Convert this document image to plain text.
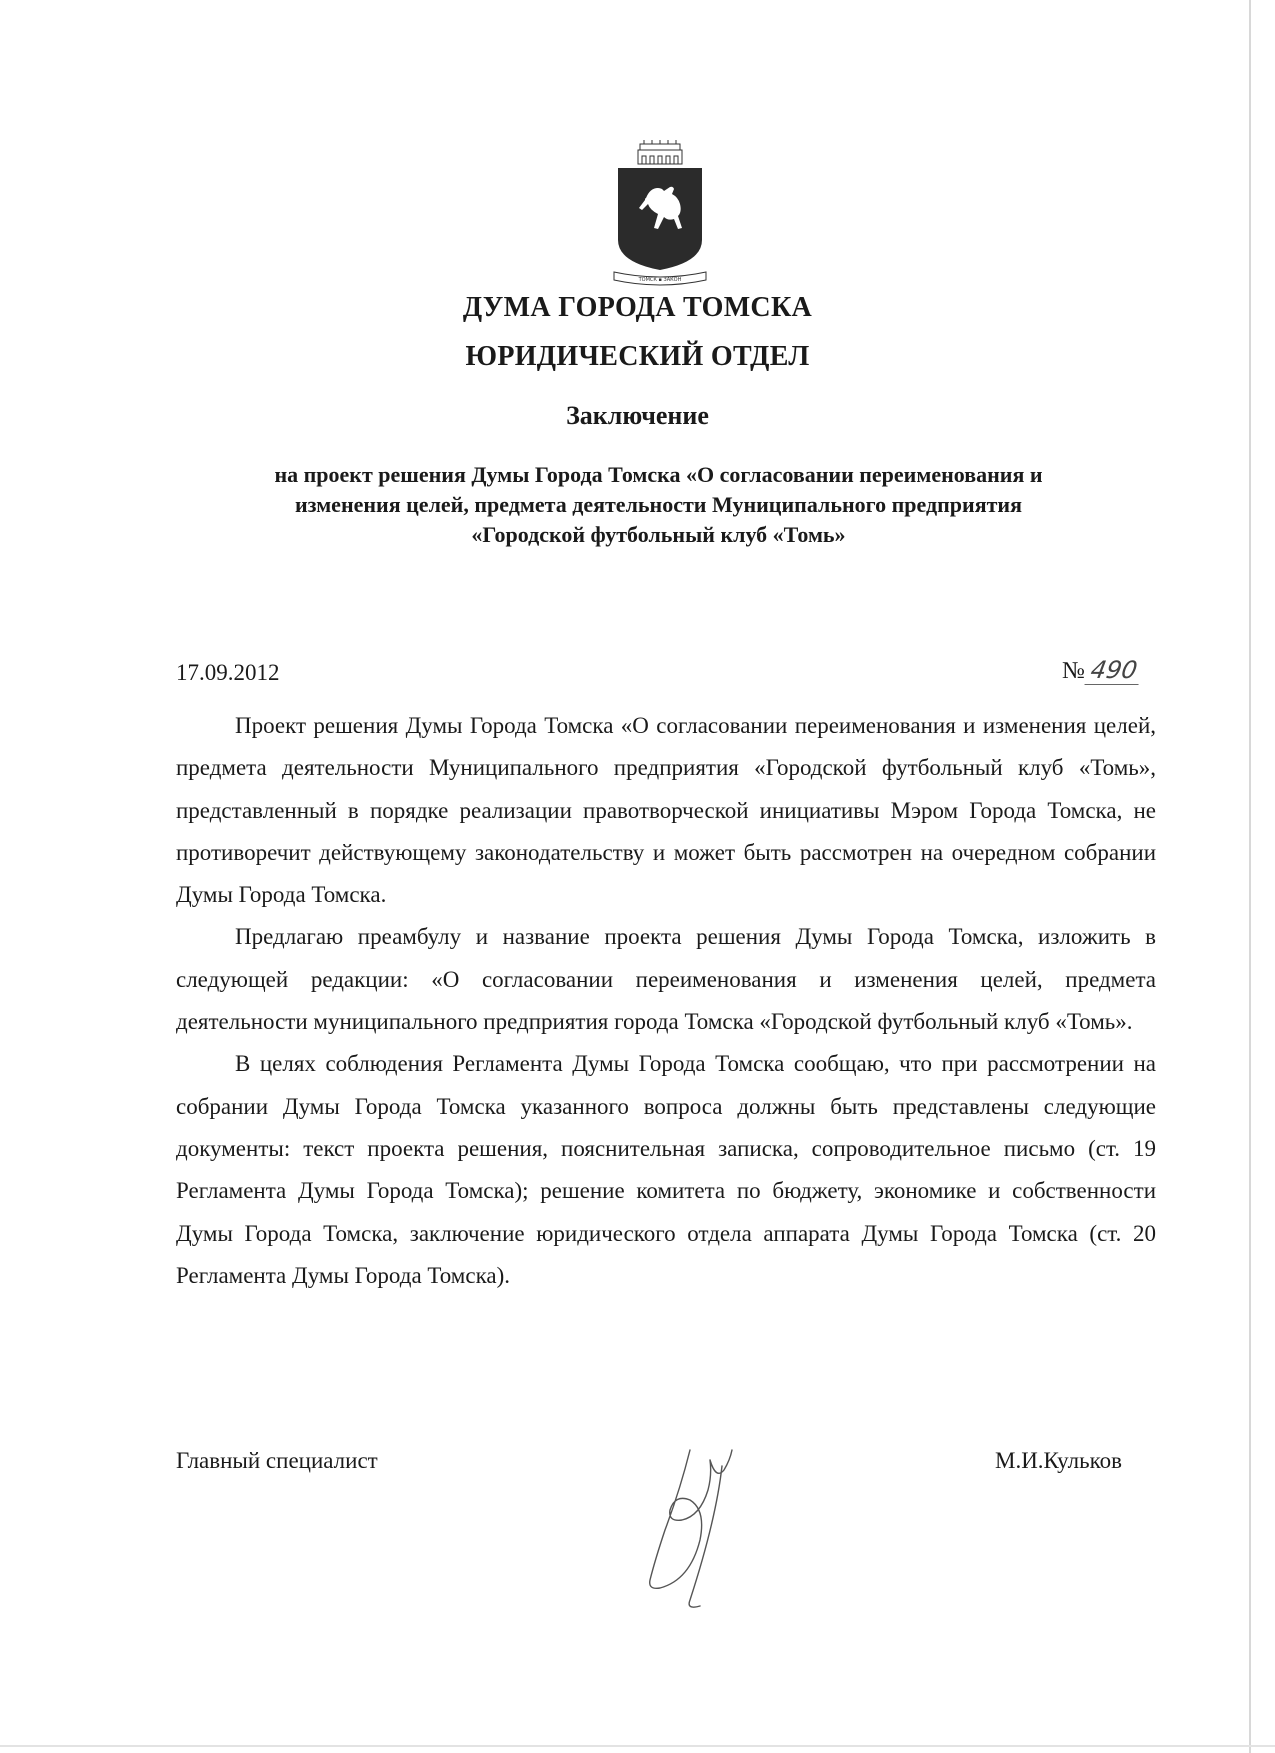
ТОМСК ▪ ЗАКОН
ДУМА ГОРОДА ТОМСКА
ЮРИДИЧЕСКИЙ ОТДЕЛ
Заключение
на проект решения Думы Города Томска «О согласовании переименования и
изменения целей, предмета деятельности Муниципального предприятия
«Городской футбольный клуб «Томь»
17.09.2012	№ 490

Проект решения Думы Города Томска «О согласовании переименования и изменения целей, предмета деятельности Муниципального предприятия «Городской футбольный клуб «Томь», представленный в порядке реализации правотворческой инициативы Мэром Города Томска, не противоречит действующему законодательству и может быть рассмотрен на очередном собрании Думы Города Томска.

Предлагаю преамбулу и название проекта решения Думы Города Томска, изложить в следующей редакции: «О согласовании переименования и изменения целей, предмета деятельности муниципального предприятия города Томска «Городской футбольный клуб «Томь».

В целях соблюдения Регламента Думы Города Томска сообщаю, что при рассмотрении на собрании Думы Города Томска указанного вопроса должны быть представлены следующие документы: текст проекта решения, пояснительная записка, сопроводительное письмо (ст. 19 Регламента Думы Города Томска); решение комитета по бюджету, экономике и собственности Думы Города Томска, заключение юридического отдела аппарата Думы Города Томска (ст. 20 Регламента Думы Города Томска).

Главный специалист	М.И.Кульков
